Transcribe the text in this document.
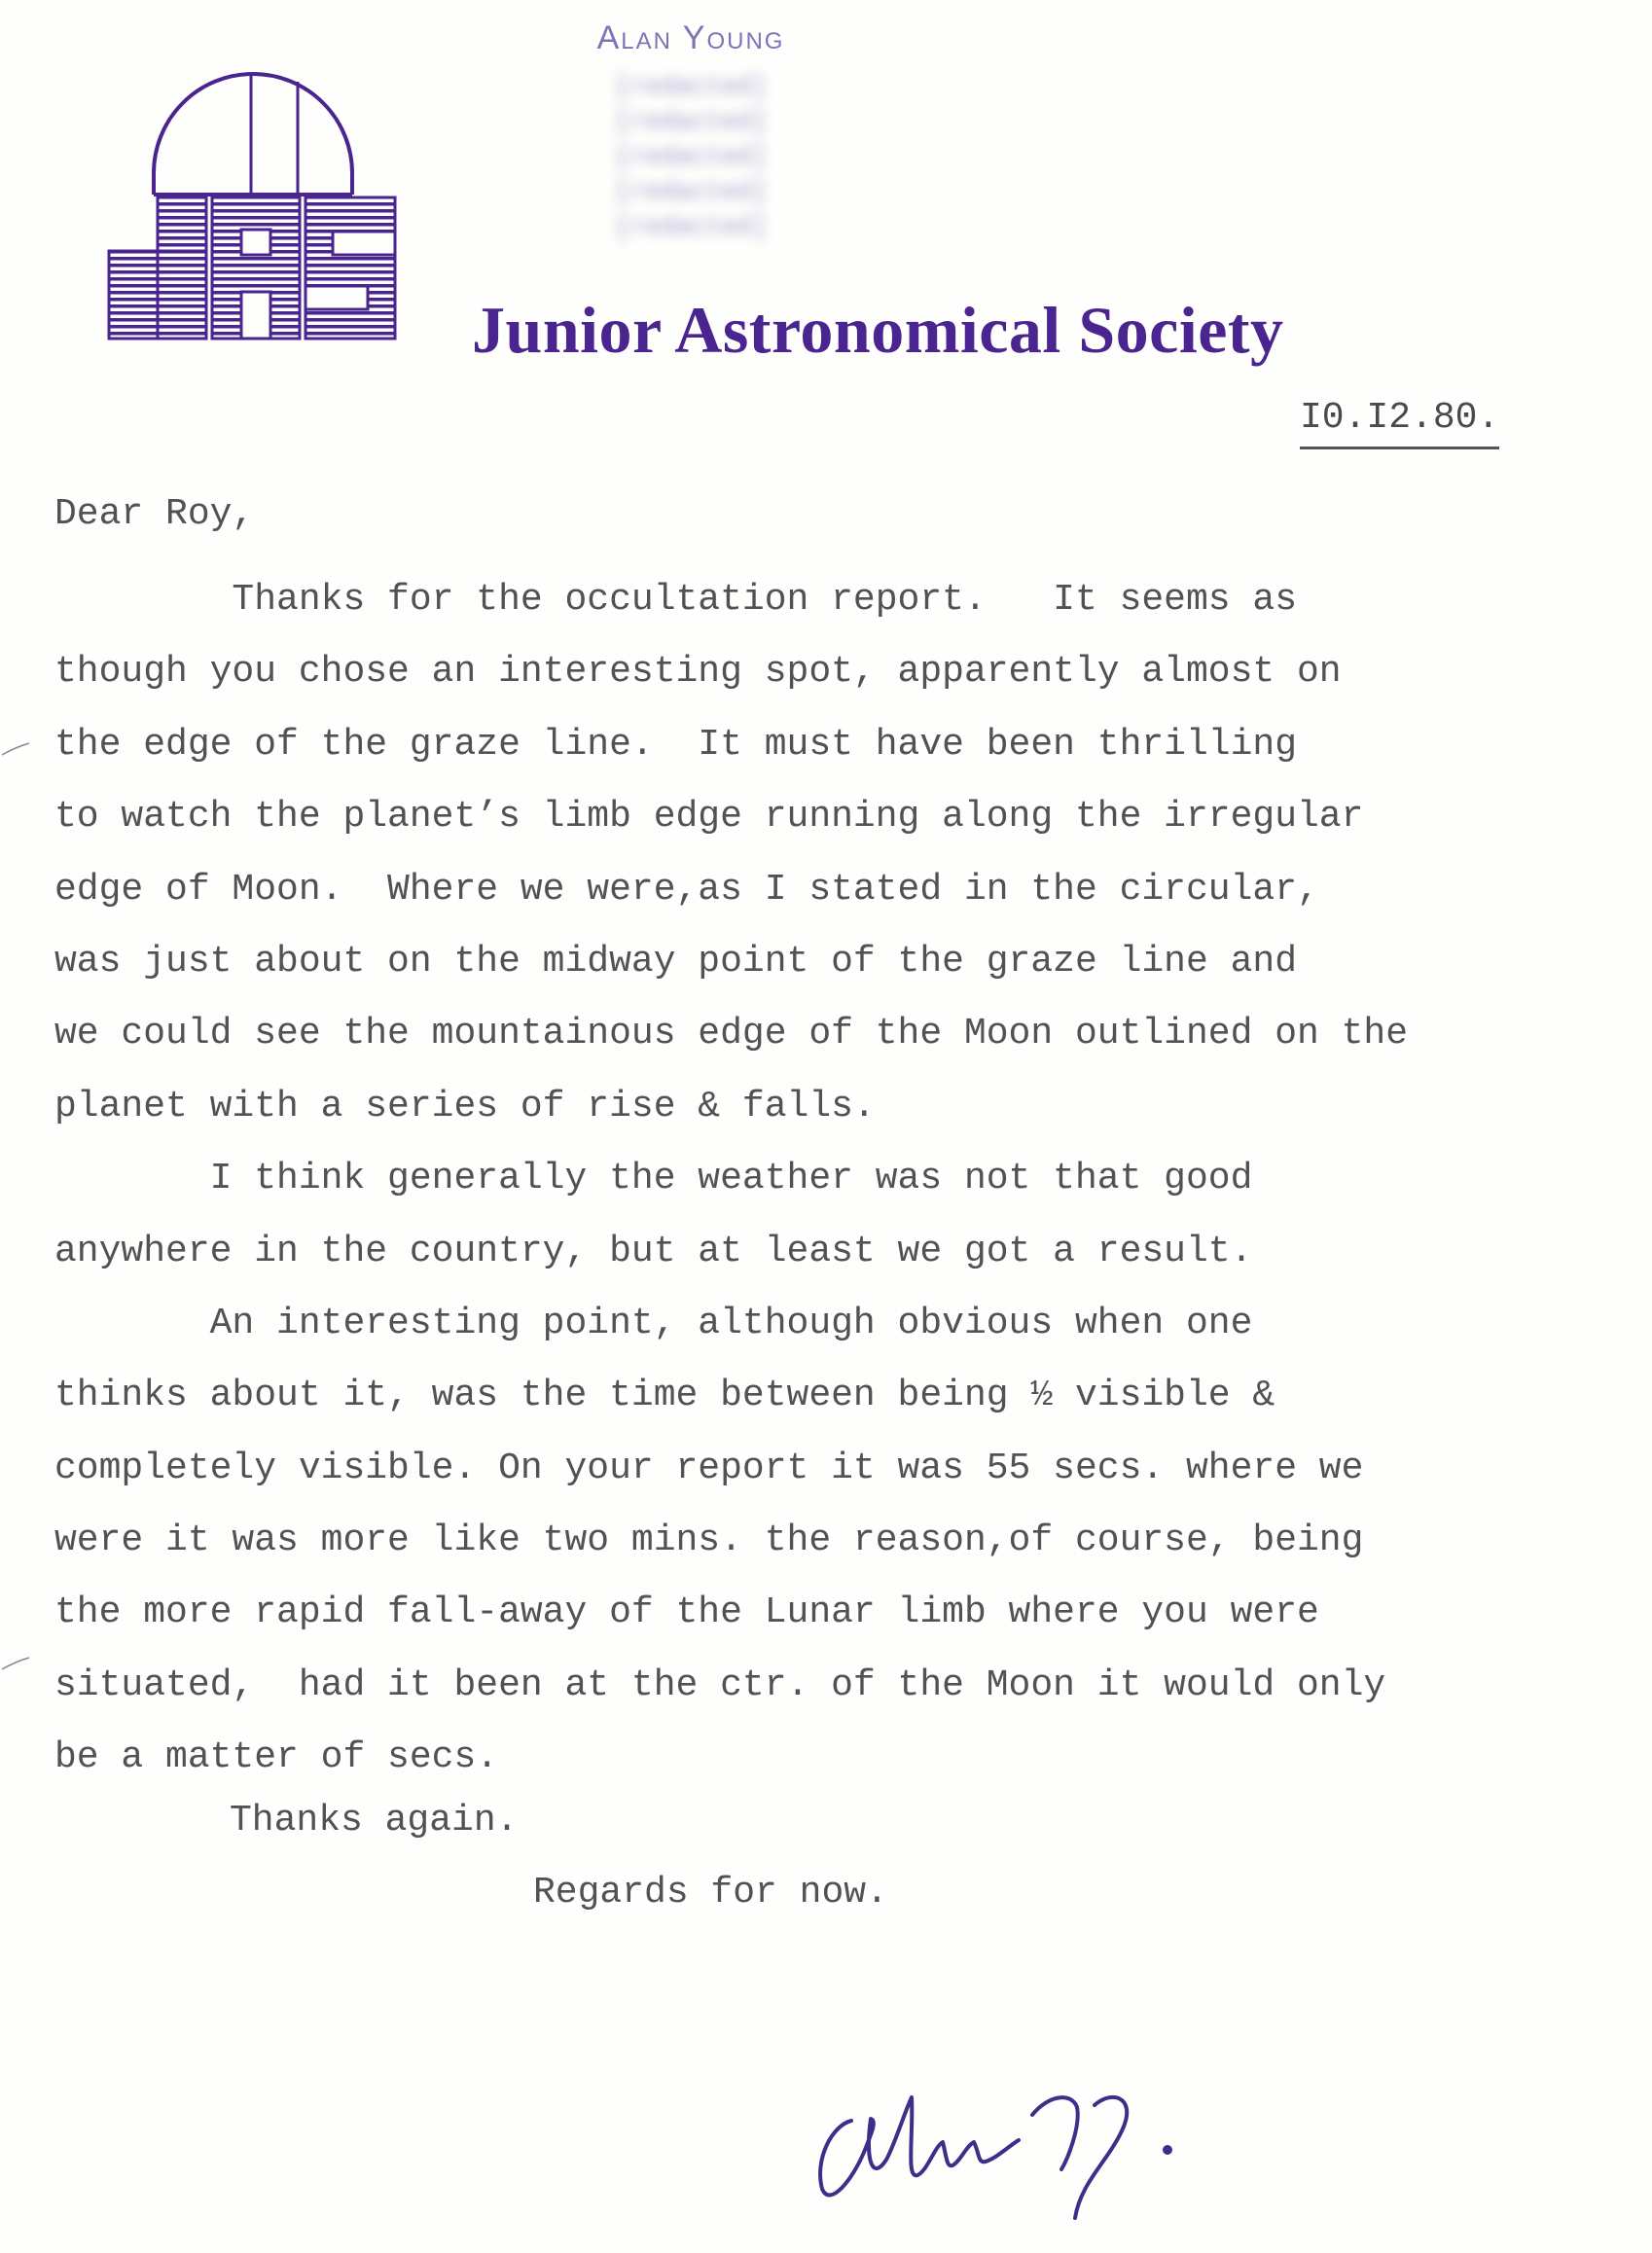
Alan Young

[redacted]
[redacted]
[redacted]
[redacted]
[redacted]
Junior Astronomical Society
I0.I2.80.

Dear Roy,

Thanks for the occultation report.   It seems as
though you chose an interesting spot, apparently almost on
the edge of the graze line.  It must have been thrilling
to watch the planet’s limb edge running along the irregular
edge of Moon.  Where we were,as I stated in the circular,
was just about on the midway point of the graze line and
we could see the mountainous edge of the Moon outlined on the
planet with a series of rise & falls.
I think generally the weather was not that good
anywhere in the country, but at least we got a result.
An interesting point, although obvious when one
thinks about it, was the time between being ½ visible &
completely visible. On your report it was 55 secs. where we
were it was more like two mins. the reason,of course, being
the more rapid fall-away of the Lunar limb where you were
situated,  had it been at the ctr. of the Moon it would only
be a matter of secs.

Thanks again.

Regards for now.
